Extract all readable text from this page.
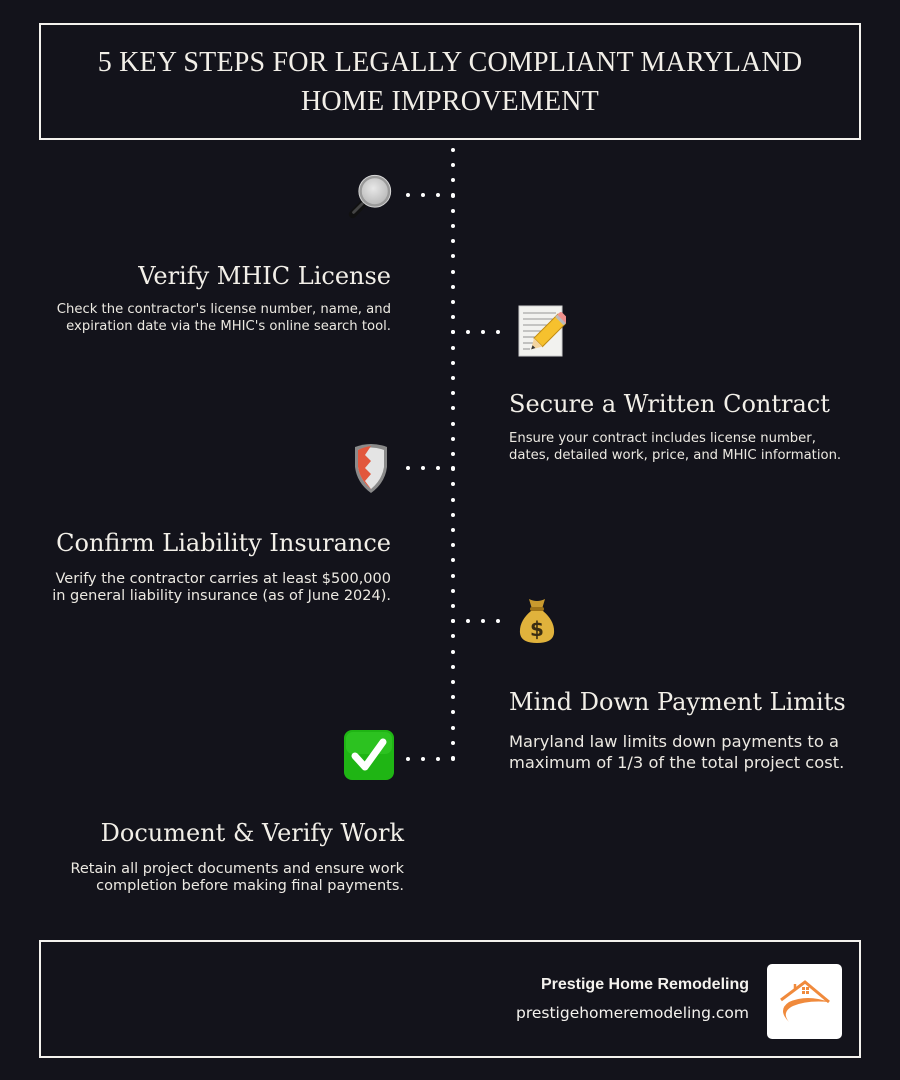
5 KEY STEPS FOR LEGALLY COMPLIANT MARYLAND HOME IMPROVEMENT
Verify MHIC License
Check the contractor's license number, name, and
expiration date via the MHIC's online search tool.
Secure a Written Contract
Ensure your contract includes license number,
dates, detailed work, price, and MHIC information.
Confirm Liability Insurance
Verify the contractor carries at least $500,000
in general liability insurance (as of June 2024).
$
Mind Down Payment Limits
Maryland law limits down payments to a
maximum of 1/3 of the total project cost.
Document & Verify Work
Retain all project documents and ensure work
completion before making final payments.
Prestige Home Remodeling
prestigehomeremodeling.com
